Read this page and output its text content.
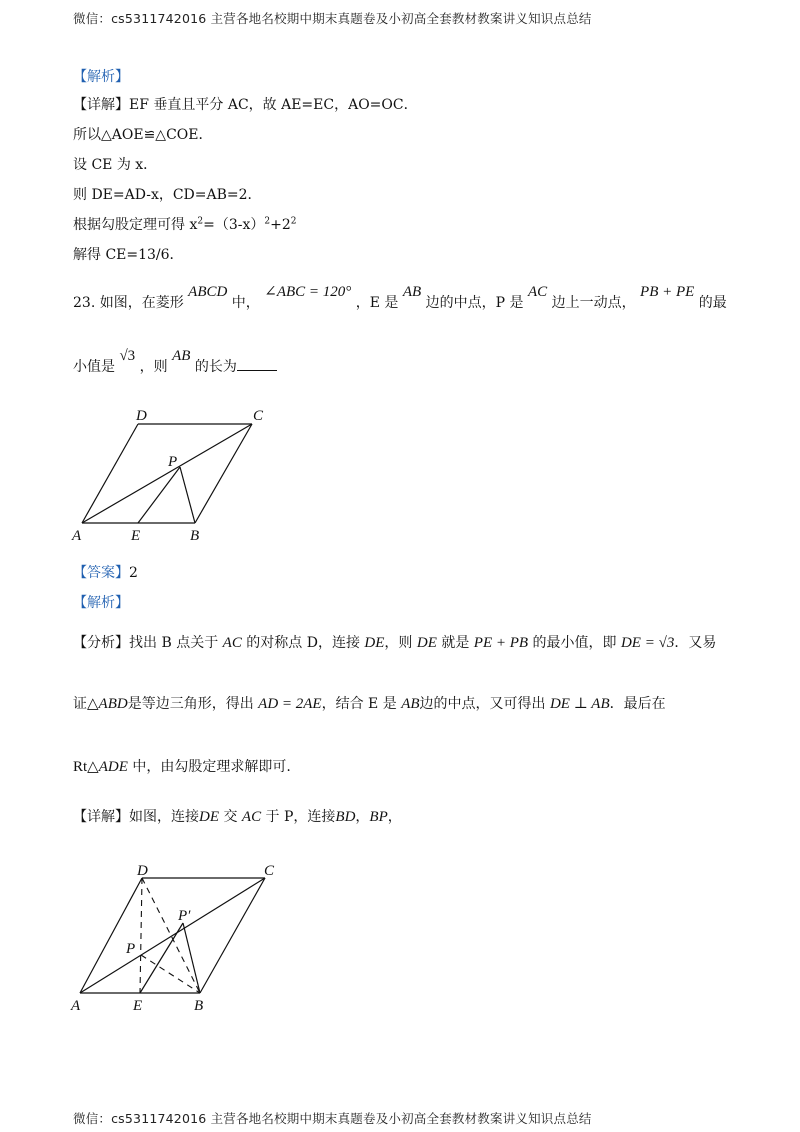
微信：cs5311742016 主营各地名校期中期末真题卷及小初高全套教材教案讲义知识点总结
【解析】
【详解】EF 垂直且平分 AC，故 AE=EC，AO=OC．
所以△AOE≌△COE．
设 CE 为 x．
则 DE=AD-x，CD=AB=2．
根据勾股定理可得 $x^2=(3-x)^2+2^2$
解得 CE=13/6．
23. 如图，在菱形 ABCD 中， ∠ABC = 120° ，E 是 AB 边的中点，P 是 AC 边上一动点， PB + PE 的最
小值是 √3 ，则 AB 的长为
D	C
P
A	E	B
【答案】2
【解析】
【分析】找出 B 点关于 AC 的对称点 D，连接 DE，则 DE 就是 PE + PB 的最小值，即 DE = √3．又易
证△ABD是等边三角形，得出 AD = 2AE，结合 E 是 AB边的中点，又可得出 DE ⊥ AB．最后在
Rt△ADE 中，由勾股定理求解即可.
【详解】如图，连接DE 交 AC 于 P，连接BD，BP，
D	C
P′
P
A	E	B
微信：cs5311742016 主营各地名校期中期末真题卷及小初高全套教材教案讲义知识点总结
